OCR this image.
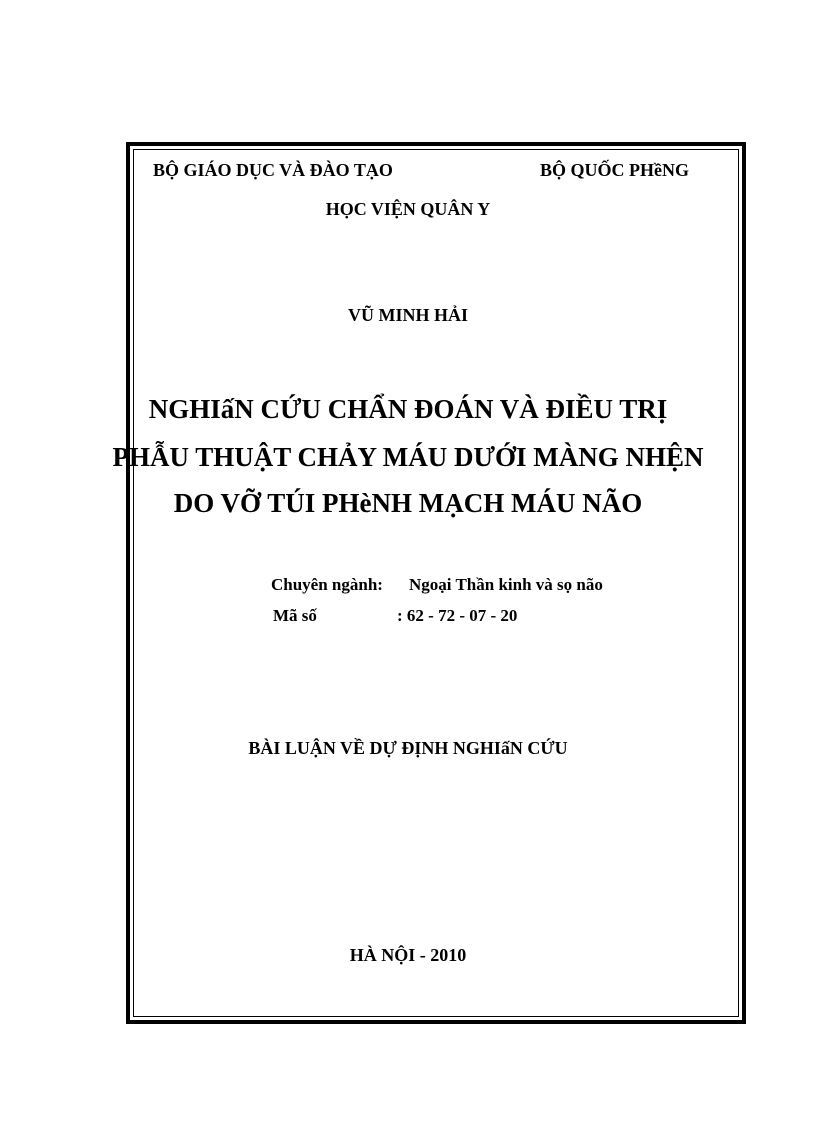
BỘ GIÁO DỤC VÀ ĐÀO TẠO	BỘ QUỐC PHềNG
HỌC VIỆN QUÂN Y
VŨ MINH HẢI
NGHIấN CỨU CHẨN ĐOÁN VÀ ĐIỀU TRỊ
PHẪU THUẬT CHẢY MÁU DƯỚI MÀNG NHỆN
DO VỠ TÚI PHèNH MẠCH MÁU NÃO
Chuyên ngành: Ngoại Thần kinh và sọ não
Mã số	: 62 - 72 - 07 - 20
BÀI LUẬN VỀ DỰ ĐỊNH NGHIấN CỨU
HÀ NỘI - 2010
